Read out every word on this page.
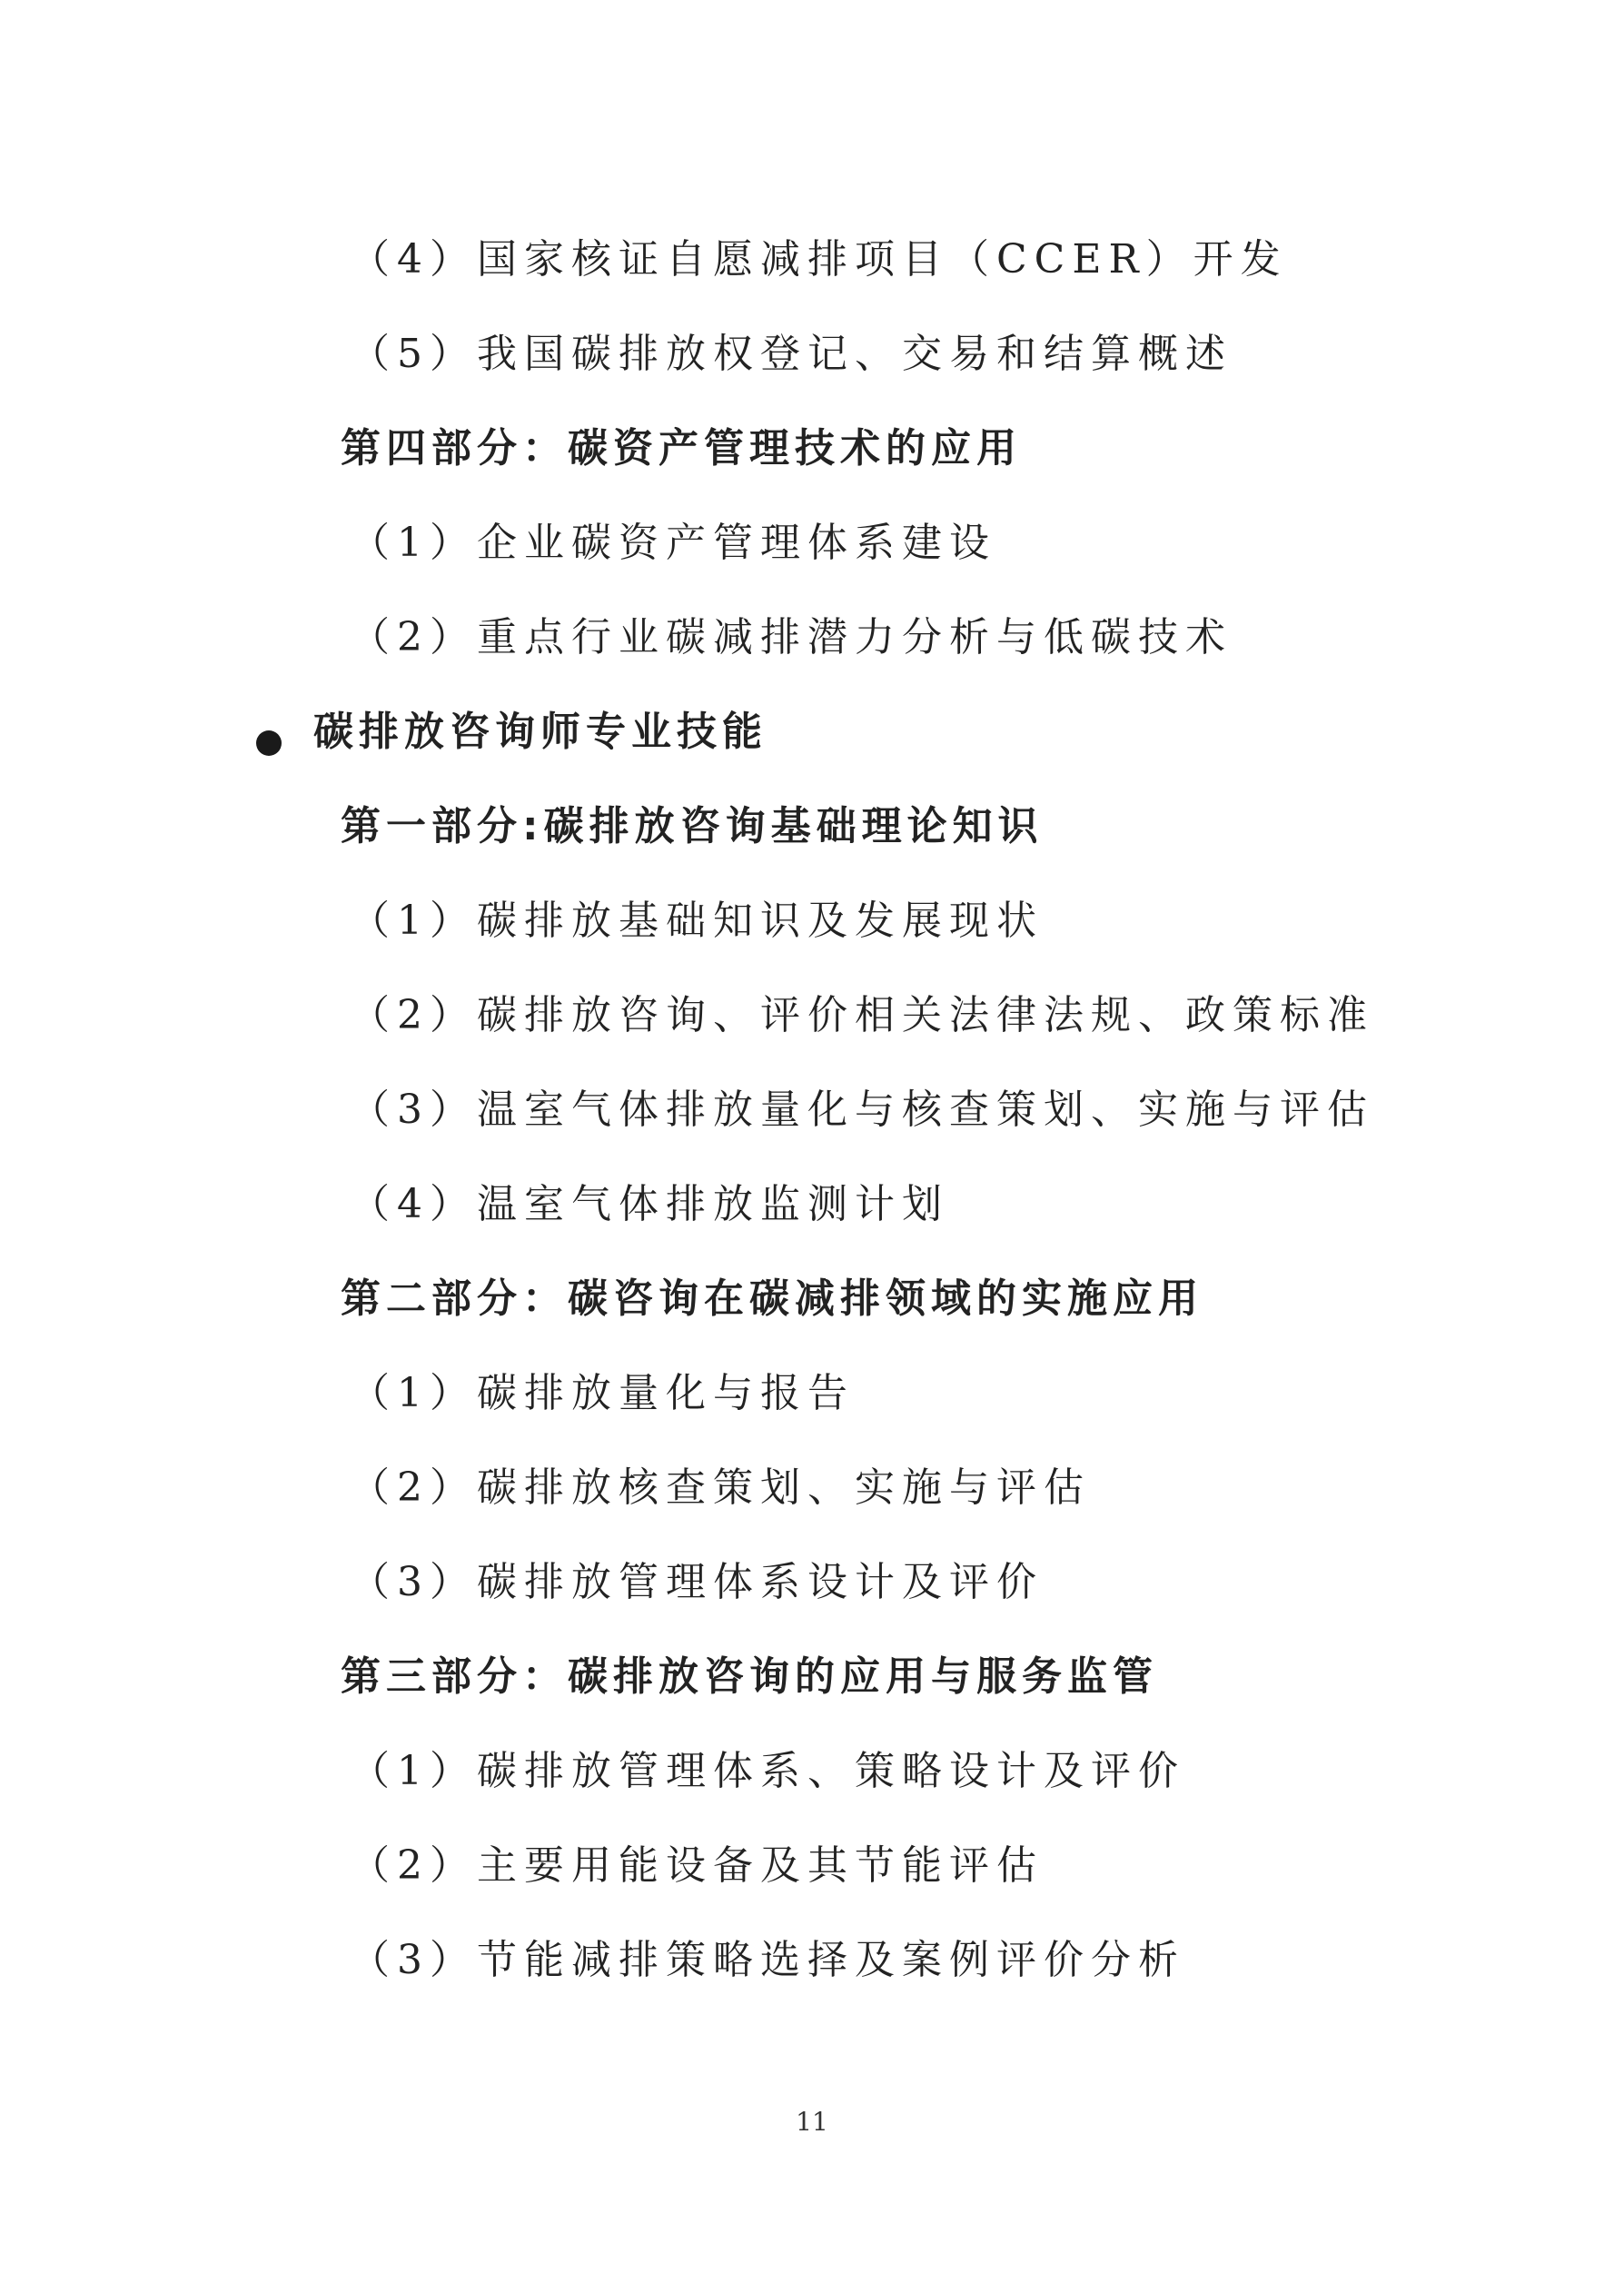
（4）国家核证自愿减排项目（CCER）开发
（5）我国碳排放权登记、交易和结算概述
第四部分：碳资产管理技术的应用
（1）企业碳资产管理体系建设
（2）重点行业碳减排潜力分析与低碳技术
碳排放咨询师专业技能
第一部分:碳排放咨询基础理论知识
（1）碳排放基础知识及发展现状
（2）碳排放咨询、评价相关法律法规、政策标准
（3）温室气体排放量化与核查策划、实施与评估
（4）温室气体排放监测计划
第二部分：碳咨询在碳减排领域的实施应用
（1）碳排放量化与报告
（2）碳排放核查策划、实施与评估
（3）碳排放管理体系设计及评价
第三部分：碳排放咨询的应用与服务监管
（1）碳排放管理体系、策略设计及评价
（2）主要用能设备及其节能评估
（3）节能减排策略选择及案例评价分析
11
